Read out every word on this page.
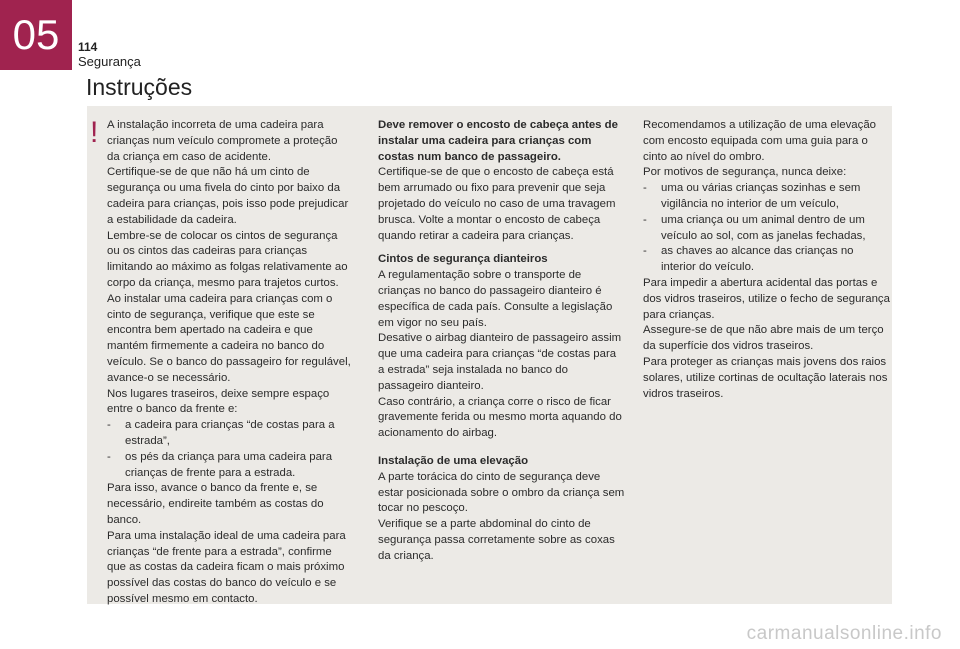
05 114
Segurança
Instruções
! A instalação incorreta de uma cadeira para crianças num veículo compromete a proteção da criança em caso de acidente.

Certifique-se de que não há um cinto de segurança ou uma fivela do cinto por baixo da cadeira para crianças, pois isso pode prejudicar a estabilidade da cadeira.

Lembre-se de colocar os cintos de segurança ou os cintos das cadeiras para crianças limitando ao máximo as folgas relativamente ao corpo da criança, mesmo para trajetos curtos.

Ao instalar uma cadeira para crianças com o cinto de segurança, verifique que este se encontra bem apertado na cadeira e que mantém firmemente a cadeira no banco do veículo. Se o banco do passageiro for regulável, avance-o se necessário.

Nos lugares traseiros, deixe sempre espaço entre o banco da frente e:

-	a cadeira para crianças “de costas para a estrada”,
-	os pés da criança para uma cadeira para crianças de frente para a estrada.

Para isso, avance o banco da frente e, se necessário, endireite também as costas do banco.

Para uma instalação ideal de uma cadeira para crianças “de frente para a estrada”, confirme que as costas da cadeira ficam o mais próximo possível das costas do banco do veículo e se possível mesmo em contacto.

Deve remover o encosto de cabeça antes de instalar uma cadeira para crianças com costas num banco de passageiro.

Certifique-se de que o encosto de cabeça está bem arrumado ou fixo para prevenir que seja projetado do veículo no caso de uma travagem brusca. Volte a montar o encosto de cabeça quando retirar a cadeira para crianças.

Cintos de segurança dianteiros

A regulamentação sobre o transporte de crianças no banco do passageiro dianteiro é específica de cada país. Consulte a legislação em vigor no seu país.

Desative o airbag dianteiro de passageiro assim que uma cadeira para crianças “de costas para a estrada” seja instalada no banco do passageiro dianteiro.

Caso contrário, a criança corre o risco de ficar gravemente ferida ou mesmo morta aquando do acionamento do airbag.

Instalação de uma elevação

A parte torácica do cinto de segurança deve estar posicionada sobre o ombro da criança sem tocar no pescoço.

Verifique se a parte abdominal do cinto de segurança passa corretamente sobre as coxas da criança.

Recomendamos a utilização de uma elevação com encosto equipada com uma guia para o cinto ao nível do ombro.

Por motivos de segurança, nunca deixe:

-	uma ou várias crianças sozinhas e sem vigilância no interior de um veículo,
-	uma criança ou um animal dentro de um veículo ao sol, com as janelas fechadas,
-	as chaves ao alcance das crianças no interior do veículo.

Para impedir a abertura acidental das portas e dos vidros traseiros, utilize o fecho de segurança para crianças.

Assegure-se de que não abre mais de um terço da superfície dos vidros traseiros.

Para proteger as crianças mais jovens dos raios solares, utilize cortinas de ocultação laterais nos vidros traseiros.

carmanualsonline.info
